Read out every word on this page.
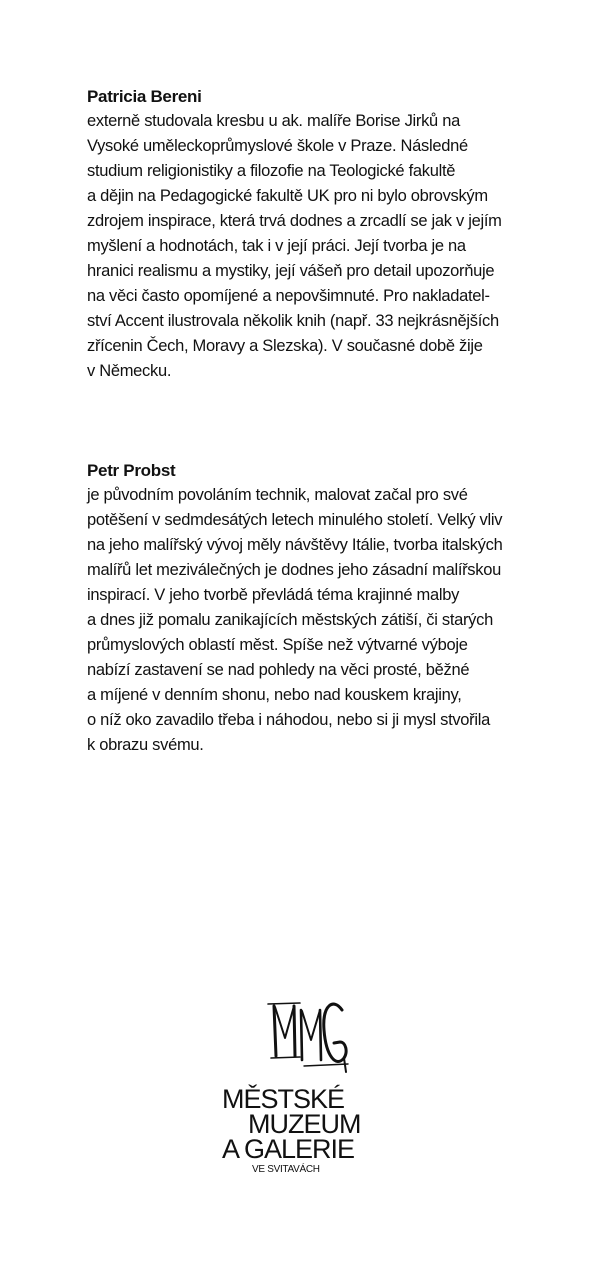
Patricia Bereni

externě studovala kresbu u ak. malíře Borise Jirků na
Vysoké uměleckoprůmyslové škole v Praze. Následné
studium religionistiky a filozofie na Teologické fakultě
a dějin na Pedagogické fakultě UK pro ni bylo obrovským
zdrojem inspirace, která trvá dodnes a zrcadlí se jak v jejím
myšlení a hodnotách, tak i v její práci. Její tvorba je na
hranici realismu a mystiky, její vášeň pro detail upozorňuje
na věci často opomíjené a nepovšimnuté. Pro nakladatel-
ství Accent ilustrovala několik knih (např. 33 nejkrásnějších
zřícenin Čech, Moravy a Slezska). V současné době žije
v Německu.

Petr Probst

je původním povoláním technik, malovat začal pro své
potěšení v sedmdesátých letech minulého století. Velký vliv
na jeho malířský vývoj měly návštěvy Itálie, tvorba italských
malířů let meziválečných je dodnes jeho zásadní malířskou
inspirací. V jeho tvorbě převládá téma krajinné malby
a dnes již pomalu zanikajících městských zátiší, či starých
průmyslových oblastí měst. Spíše než výtvarné výboje
nabízí zastavení se nad pohledy na věci prosté, běžné
a míjené v denním shonu, nebo nad kouskem krajiny,
o níž oko zavadilo třeba i náhodou, nebo si ji mysl stvořila
k obrazu svému.
MĚSTSKÉ
MUZEUM
A GALERIE
VE SVITAVÁCH
